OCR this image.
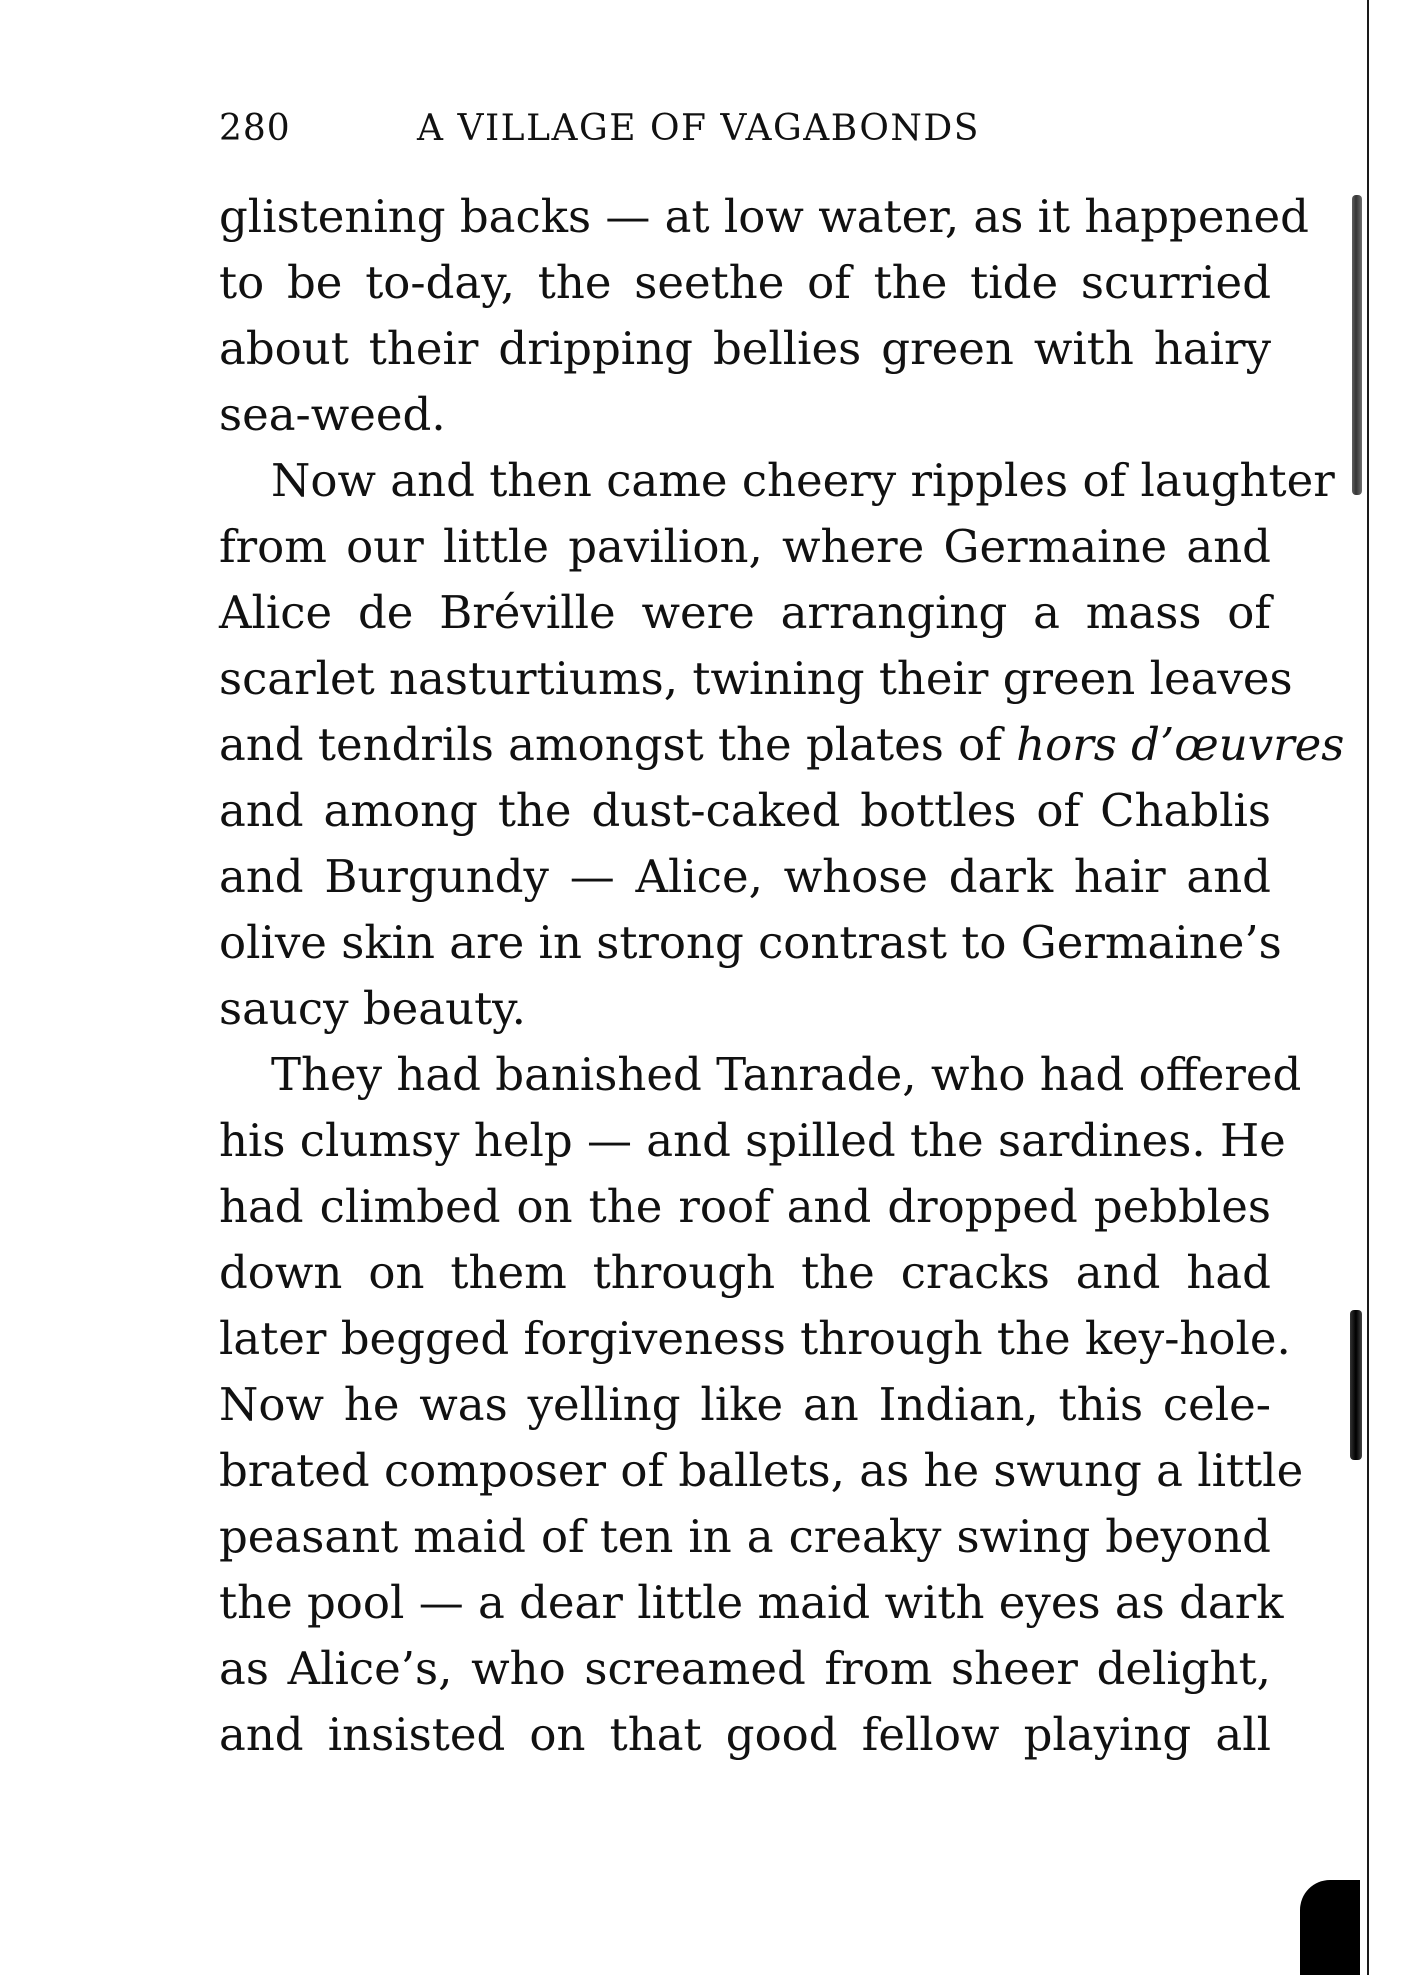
280	A VILLAGE OF VAGABONDS
glistening backs — at low water, as it happened
to be to-day, the seethe of the tide scurried
about their dripping bellies green with hairy
sea-weed.
Now and then came cheery ripples of laughter
from our little pavilion, where Germaine and
Alice de Bréville were arranging a mass of
scarlet nasturtiums, twining their green leaves
and tendrils amongst the plates of hors d’œuvres
and among the dust-caked bottles of Chablis
and Burgundy — Alice, whose dark hair and
olive skin are in strong contrast to Germaine’s
saucy beauty.
They had banished Tanrade, who had offered
his clumsy help — and spilled the sardines. He
had climbed on the roof and dropped pebbles
down on them through the cracks and had
later begged forgiveness through the key-hole.
Now he was yelling like an Indian, this cele-
brated composer of ballets, as he swung a little
peasant maid of ten in a creaky swing beyond
the pool — a dear little maid with eyes as dark
as Alice’s, who screamed from sheer delight,
and insisted on that good fellow playing all
